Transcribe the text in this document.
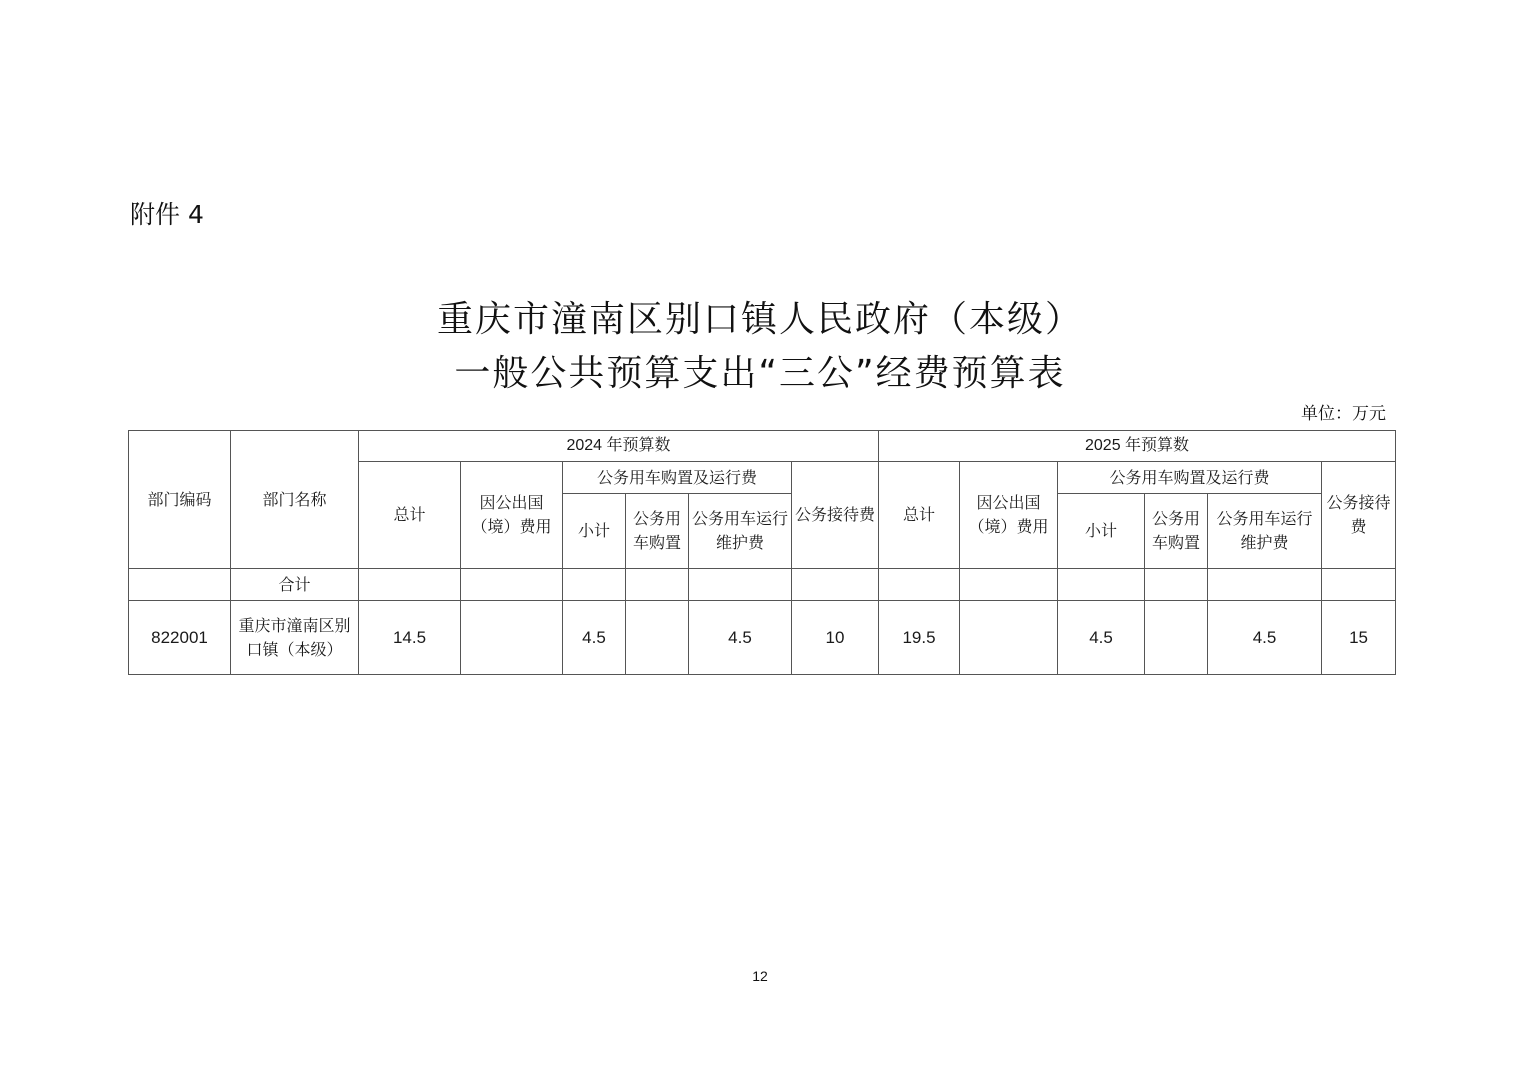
附件 4
重庆市潼南区别口镇人民政府（本级）
一般公共预算支出“三公”经费预算表
单位：万元
部门编码	部门名称	2024 年预算数						2025 年预算数					
		总计	因公出国（境）费用	公务用车购置及运行费			公务接待费	总计	因公出国（境）费用	公务用车购置及运行费			公务接待费
				小计	公务用车购置	公务用车运行维护费				小计	公务用车购置	公务用车运行维护费	
	合计												
822001	重庆市潼南区别口镇（本级）	14.5		4.5		4.5	10	19.5		4.5		4.5	15
12
